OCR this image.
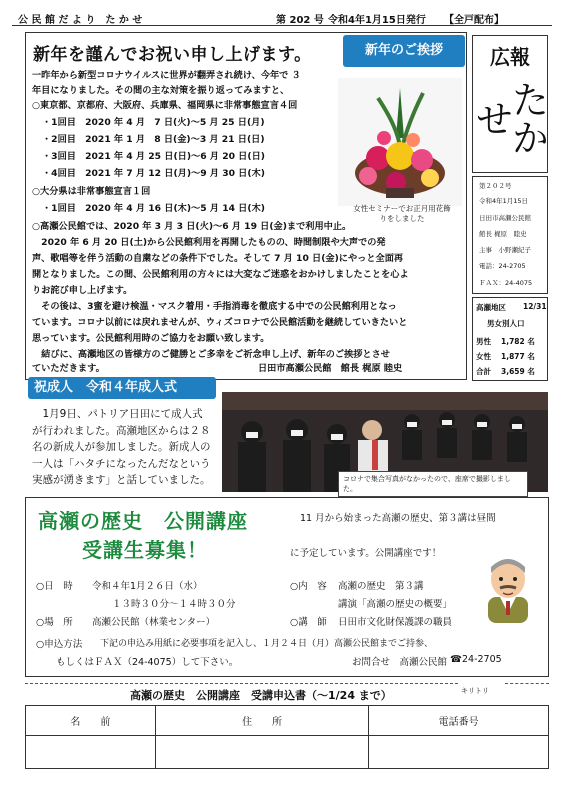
公 民 館 だ よ り　た か せ	第 202 号 令和4年1月15日発行 【全戸配布】
新年を謹んでお祝い申し上げます。	新年のご挨拶
一昨年から新型コロナウイルスに世界が翻弄され続け、今年で ３
年目になりました。その間の主な対策を振り返ってみますと、
○東京都、京都府、大阪府、兵庫県、福岡県に非常事態宣言４回
・1回目　2020 年 4 月　7 日(火)～5 月 25 日(月)
・2回目　2021 年 1 月　8 日(金)～3 月 21 日(日)
・3回目　2021 年 4 月 25 日(日)～6 月 20 日(日)
・4回目　2021 年 7 月 12 日(月)～9 月 30 日(木)
○大分県は非常事態宣言１回
・1回目　2020 年 4 月 16 日(木)～5 月 14 日(木)
○高瀬公民館では、2020 年 3 月 3 日(火)～6 月 19 日(金)まで利用中止。
　2020 年 6 月 20 日(土)から公民館利用を再開したものの、時間制限や大声での発
声、歌唱等を伴う活動の自粛などの条件下でした。そして 7 月 10 日(金)にやっと全面再
開となりました。この間、公民館利用の方々には大変なご迷惑をおかけしましたことを心よ
りお詫び申し上げます。
　その後は、3蜜を避け検温・マスク着用・手指消毒を徹底する中での公民館利用となっ
ています。コロナ以前には戻れませんが、ウィズコロナで公民館活動を継続していきたいと
思っています。公民館利用時のご協力をお願い致します。
　結びに、高瀬地区の皆様方のご健勝とご多幸をご祈念申し上げ、新年のご挨拶とさせ
ていただきます。	日田市高瀬公民館　館長 梶原 睦史
女性セミナーでお正月用花飾りをしました
広報
たかせ
第２０２号
令和4年1月15日
日田市高瀬公民館
館長 梶原　睦史
主事　小野瀬紀子
電話：24-2705
ＦＡＸ：24-4075
高瀬地区 12/31
男女別人口
男性 1,782 名
女性 1,877 名
合計 3,659 名
祝成人　令和４年成人式
　1月9日、パトリア日田にて成人式
が行われました。高瀬地区からは２８
名の新成人が参加しました。新成人の
一人は「ハタチになったんだなという
実感が湧きます」と話していました。	コロナで集合写真がなかったので、座席で撮影しました。
高瀬の歴史　公開講座
受講生募集！
11 月から始まった高瀬の歴史、第３講は昼間
に予定しています。公開講座です！
○日　時 令和４年1月２６日（水）
１３時３０分～１４時３０分
○場　所 高瀬公民館（林業センター）
○内　容 高瀬の歴史　第３講
講演「高瀬の歴史の概要」
○講　師 日田市文化財保護課の職員
○申込方法 下記の申込み用紙に必要事項を記入し、１月２４日（月）高瀬公民館までご持参、
もしくはＦＡＸ（24-4075）して下さい。	お問合せ　高瀬公民館 ☎ 24-2705
キリトリ
高瀬の歴史　公開講座　受講申込書（～1/24 まで）
名　　前	住　　所	電話番号
